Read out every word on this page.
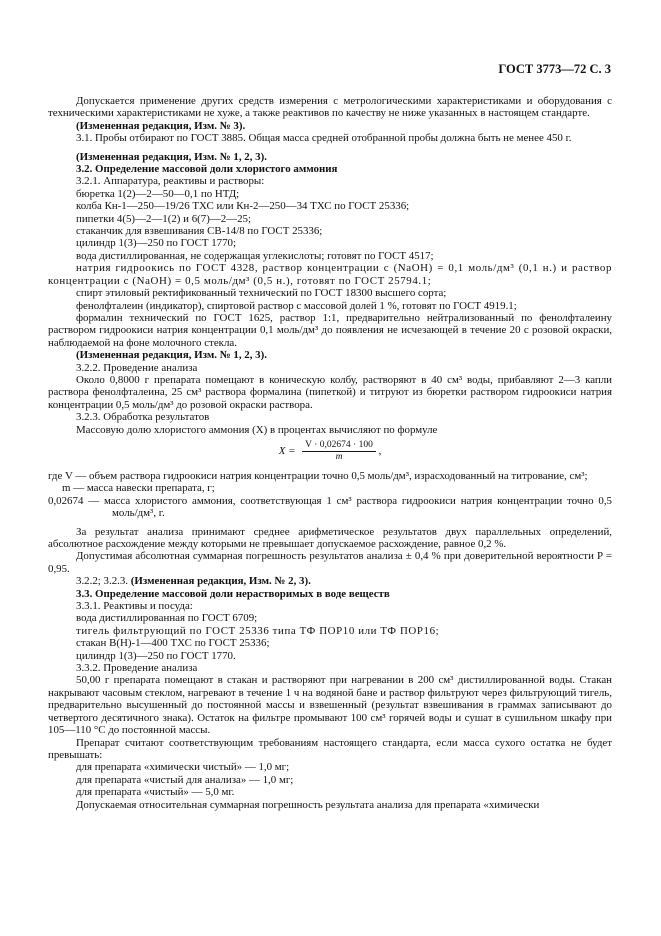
ГОСТ 3773—72 С. 3

Допускается применение других средств измерения с метрологическими характеристиками и оборудования с техническими характеристиками не хуже, а также реактивов по качеству не ниже указанных в настоящем стандарте.

(Измененная редакция, Изм. № 3).

3.1. Пробы отбирают по ГОСТ 3885. Общая масса средней отобранной пробы должна быть не менее 450 г.

(Измененная редакция, Изм. № 1, 2, 3).

3.2. Определение массовой доли хлористого аммония

3.2.1. Аппаратура, реактивы и растворы:

бюретка 1(2)—2—50—0,1 по НТД;

колба Кн-1—250—19/26 ТХС или Кн-2—250—34 ТХС по ГОСТ 25336;

пипетки 4(5)—2—1(2) и 6(7)—2—25;

стаканчик для взвешивания СВ-14/8 по ГОСТ 25336;

цилиндр 1(3)—250 по ГОСТ 1770;

вода дистиллированная, не содержащая углекислоты; готовят по ГОСТ 4517;

натрия гидроокись по ГОСТ 4328, раствор концентрации c (NaOH) = 0,1 моль/дм³ (0,1 н.) и раствор концентрации c (NaOH) = 0,5 моль/дм³ (0,5 н.), готовят по ГОСТ 25794.1;

спирт этиловый ректификованный технический по ГОСТ 18300 высшего сорта;

фенолфталеин (индикатор), спиртовой раствор с массовой долей 1 %, готовят по ГОСТ 4919.1;

формалин технический по ГОСТ 1625, раствор 1:1, предварительно нейтрализованный по фенолфталеину раствором гидроокиси натрия концентрации 0,1 моль/дм³ до появления не исчезающей в течение 20 с розовой окраски, наблюдаемой на фоне молочного стекла.

(Измененная редакция, Изм. № 1, 2, 3).

3.2.2. Проведение анализа

Около 0,8000 г препарата помещают в коническую колбу, растворяют в 40 см³ воды, прибавляют 2—3 капли раствора фенолфталеина, 25 см³ раствора формалина (пипеткой) и титруют из бюретки раствором гидроокиси натрия концентрации 0,5 моль/дм³ до розовой окраски раствора.

3.2.3. Обработка результатов

Массовую долю хлористого аммония (X) в процентах вычисляют по формуле

$X = \frac{V \cdot 0,02674 \cdot 100}{m}$ ,

где V — объем раствора гидроокиси натрия концентрации точно 0,5 моль/дм³, израсходованный на титрование, см³;

m — масса навески препарата, г;

0,02674 — масса хлористого аммония, соответствующая 1 см³ раствора гидроокиси натрия концентрации точно 0,5 моль/дм³, г.

За результат анализа принимают среднее арифметическое результатов двух параллельных определений, абсолютное расхождение между которыми не превышает допускаемое расхождение, равное 0,2 %.

Допустимая абсолютная суммарная погрешность результатов анализа ± 0,4 % при доверительной вероятности P = 0,95.

3.2.2; 3.2.3. (Измененная редакция, Изм. № 2, 3).

3.3. Определение массовой доли нерастворимых в воде веществ

3.3.1. Реактивы и посуда:

вода дистиллированная по ГОСТ 6709;

тигель фильтрующий по ГОСТ 25336 типа ТФ ПОР10 или ТФ ПОР16;

стакан В(Н)-1—400 ТХС по ГОСТ 25336;

цилиндр 1(3)—250 по ГОСТ 1770.

3.3.2. Проведение анализа

50,00 г препарата помещают в стакан и растворяют при нагревании в 200 см³ дистиллированной воды. Стакан накрывают часовым стеклом, нагревают в течение 1 ч на водяной бане и раствор фильтруют через фильтрующий тигель, предварительно высушенный до постоянной массы и взвешенный (результат взвешивания в граммах записывают до четвертого десятичного знака). Остаток на фильтре промывают 100 см³ горячей воды и сушат в сушильном шкафу при 105—110 °С до постоянной массы.

Препарат считают соответствующим требованиям настоящего стандарта, если масса сухого остатка не будет превышать:

для препарата «химически чистый» — 1,0 мг;

для препарата «чистый для анализа» — 1,0 мг;

для препарата «чистый» — 5,0 мг.

Допускаемая относительная суммарная погрешность результата анализа для препарата «химически
